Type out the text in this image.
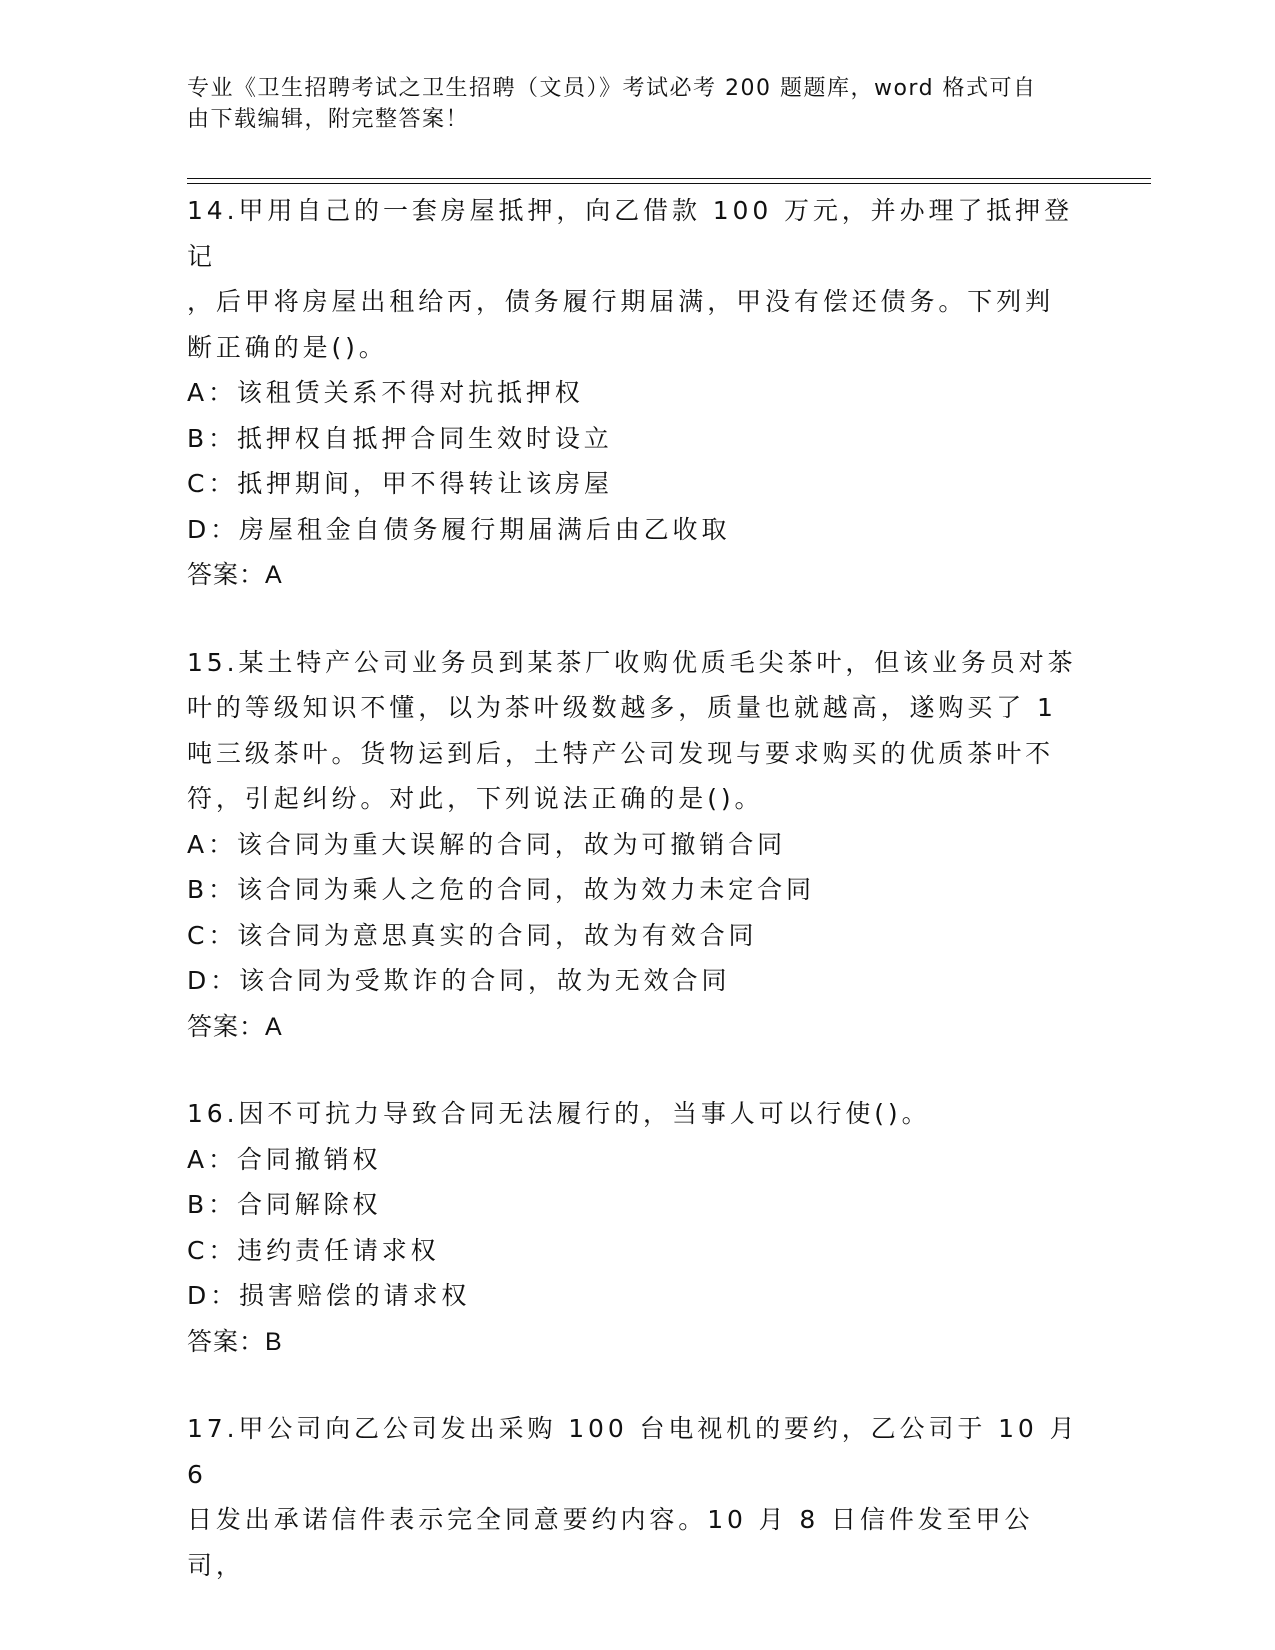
专业《卫生招聘考试之卫生招聘（文员）》考试必考 200 题题库，word 格式可自
由下载编辑，附完整答案！
14.甲用自己的一套房屋抵押，向乙借款 100 万元，并办理了抵押登记
，后甲将房屋出租给丙，债务履行期届满，甲没有偿还债务。下列判
断正确的是()。
A：该租赁关系不得对抗抵押权
B：抵押权自抵押合同生效时设立
C：抵押期间，甲不得转让该房屋
D：房屋租金自债务履行期届满后由乙收取
答案：A
15.某土特产公司业务员到某茶厂收购优质毛尖茶叶，但该业务员对茶
叶的等级知识不懂，以为茶叶级数越多，质量也就越高，遂购买了 1
吨三级茶叶。货物运到后，土特产公司发现与要求购买的优质茶叶不
符，引起纠纷。对此，下列说法正确的是()。
A：该合同为重大误解的合同，故为可撤销合同
B：该合同为乘人之危的合同，故为效力未定合同
C：该合同为意思真实的合同，故为有效合同
D：该合同为受欺诈的合同，故为无效合同
答案：A
16.因不可抗力导致合同无法履行的，当事人可以行使()。
A：合同撤销权
B：合同解除权
C：违约责任请求权
D：损害赔偿的请求权
答案：B
17.甲公司向乙公司发出采购 100 台电视机的要约，乙公司于 10 月 6
日发出承诺信件表示完全同意要约内容。10 月 8 日信件发至甲公司，
